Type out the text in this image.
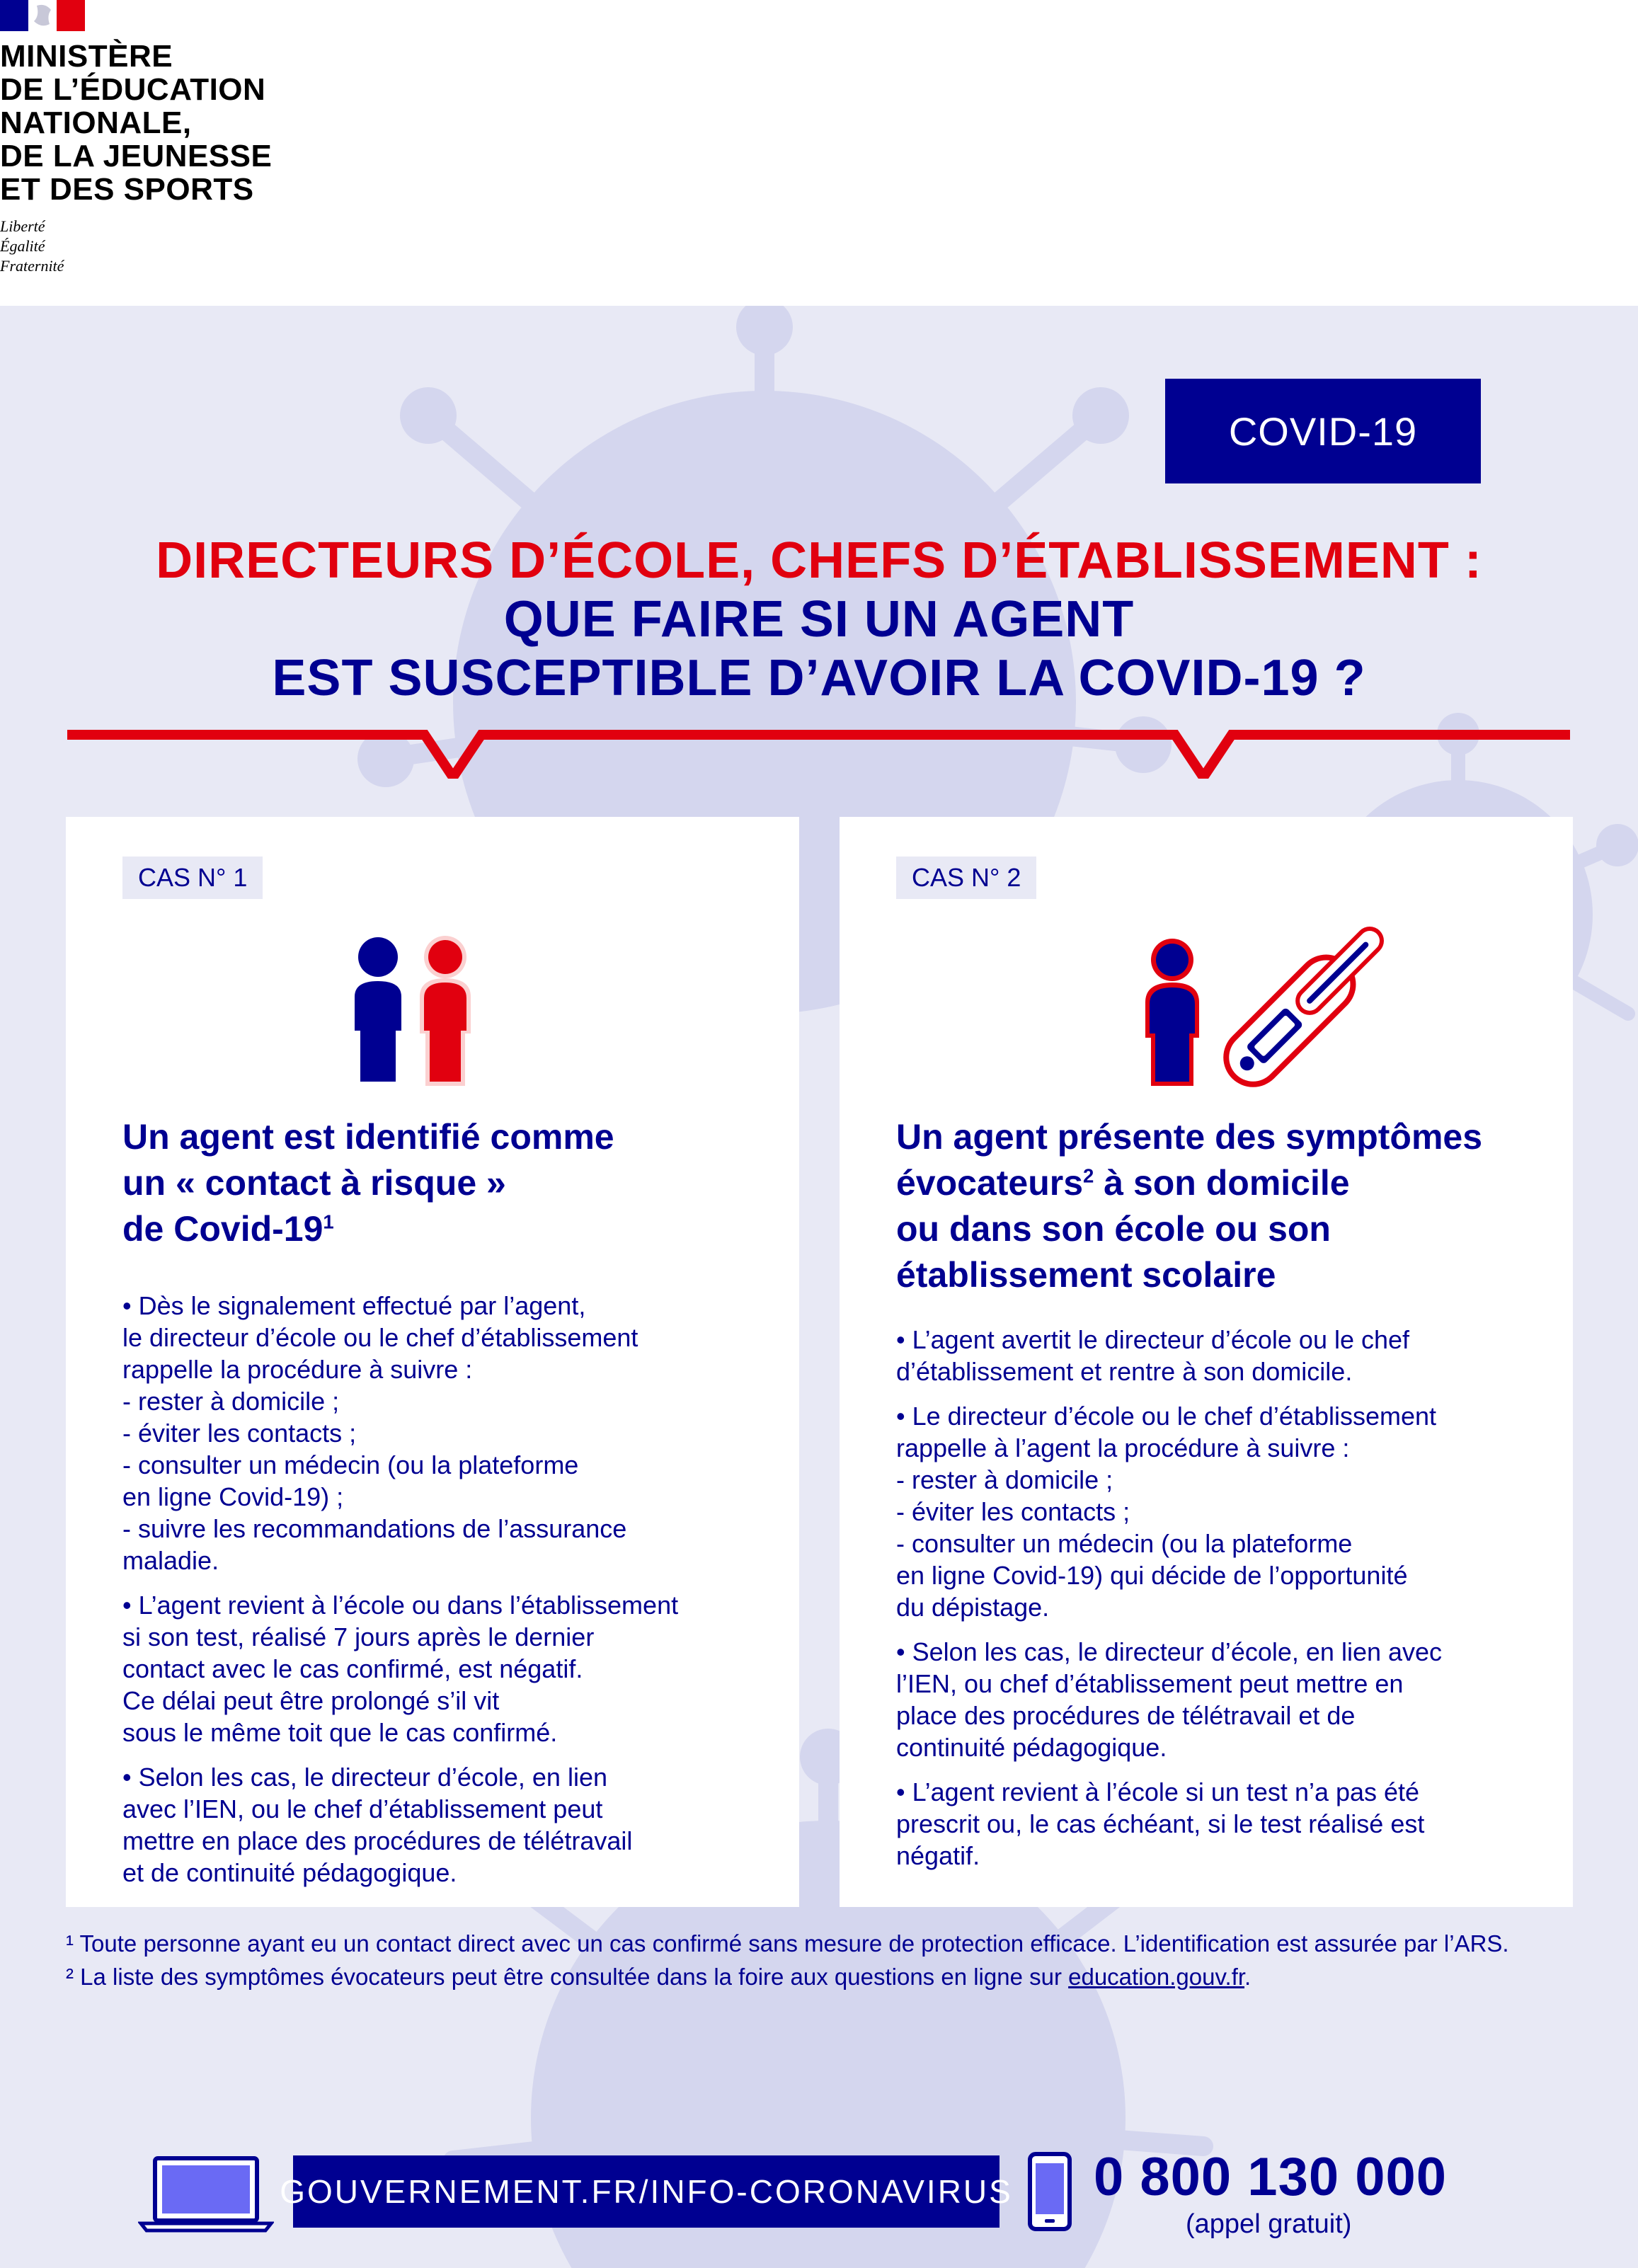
MINISTÈRE
DE L’ÉDUCATION
NATIONALE,
DE LA JEUNESSE
ET DES SPORTS
Liberté
Égalité
Fraternité
COVID-19
DIRECTEURS D’ÉCOLE, CHEFS D’ÉTABLISSEMENT :
QUE FAIRE SI UN AGENT
EST SUSCEPTIBLE D’AVOIR LA COVID-19 ?
CAS N° 1
Un agent est identifié comme
un « contact à risque »
de Covid-$19^1$
• Dès le signalement effectué par l’agent,
le directeur d’école ou le chef d’établissement
rappelle la procédure à suivre :
- rester à domicile ;
- éviter les contacts ;
- consulter un médecin (ou la plateforme
en ligne Covid-19) ;
- suivre les recommandations de l’assurance
maladie.
• L’agent revient à l’école ou dans l’établissement
si son test, réalisé 7 jours après le dernier
contact avec le cas confirmé, est négatif.
Ce délai peut être prolongé s’il vit
sous le même toit que le cas confirmé.
• Selon les cas, le directeur d’école, en lien
avec l’IEN, ou le chef d’établissement peut
mettre en place des procédures de télétravail
et de continuité pédagogique.
CAS N° 2
Un agent présente des symptômes
évocateurs$^2$ à son domicile
ou dans son école ou son
établissement scolaire
• L’agent avertit le directeur d’école ou le chef
d’établissement et rentre à son domicile.
• Le directeur d’école ou le chef d’établissement
rappelle à l’agent la procédure à suivre :
- rester à domicile ;
- éviter les contacts ;
- consulter un médecin (ou la plateforme
en ligne Covid-19) qui décide de l’opportunité
du dépistage.
• Selon les cas, le directeur d’école, en lien avec
l’IEN, ou chef d’établissement peut mettre en
place des procédures de télétravail et de
continuité pédagogique.
• L’agent revient à l’école si un test n’a pas été
prescrit ou, le cas échéant, si le test réalisé est
négatif.
¹ Toute personne ayant eu un contact direct avec un cas confirmé sans mesure de protection efficace. L’identification est assurée par l’ARS.
² La liste des symptômes évocateurs peut être consultée dans la foire aux questions en ligne sur education.gouv.fr.
GOUVERNEMENT.FR/INFO-CORONAVIRUS 0 800 130 000
(appel gratuit)
